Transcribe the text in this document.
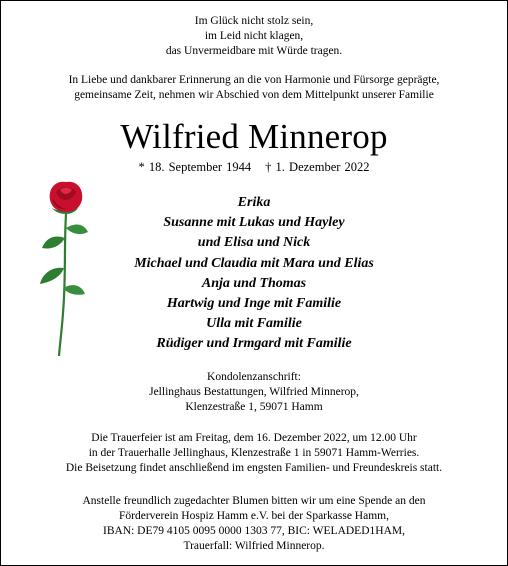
Im Glück nicht stolz sein,
im Leid nicht klagen,
das Unvermeidbare mit Würde tragen.
In Liebe und dankbarer Erinnerung an die von Harmonie und Fürsorge geprägte,
gemeinsame Zeit, nehmen wir Abschied von dem Mittelpunkt unserer Familie
Wilfried Minnerop
* 18. September 1944 † 1. Dezember 2022
Erika
Susanne mit Lukas und Hayley
und Elisa und Nick
Michael und Claudia mit Mara und Elias
Anja und Thomas
Hartwig und Inge mit Familie
Ulla mit Familie
Rüdiger und Irmgard mit Familie
Kondolenzanschrift:
Jellinghaus Bestattungen, Wilfried Minnerop,
Klenzestraße 1, 59071 Hamm
Die Trauerfeier ist am Freitag, dem 16. Dezember 2022, um 12.00 Uhr
in der Trauerhalle Jellinghaus, Klenzestraße 1 in 59071 Hamm-Werries.
Die Beisetzung findet anschließend im engsten Familien- und Freundeskreis statt.
Anstelle freundlich zugedachter Blumen bitten wir um eine Spende an den
Förderverein Hospiz Hamm e.V. bei der Sparkasse Hamm,
IBAN: DE79 4105 0095 0000 1303 77, BIC: WELADED1HAM,
Trauerfall: Wilfried Minnerop.
